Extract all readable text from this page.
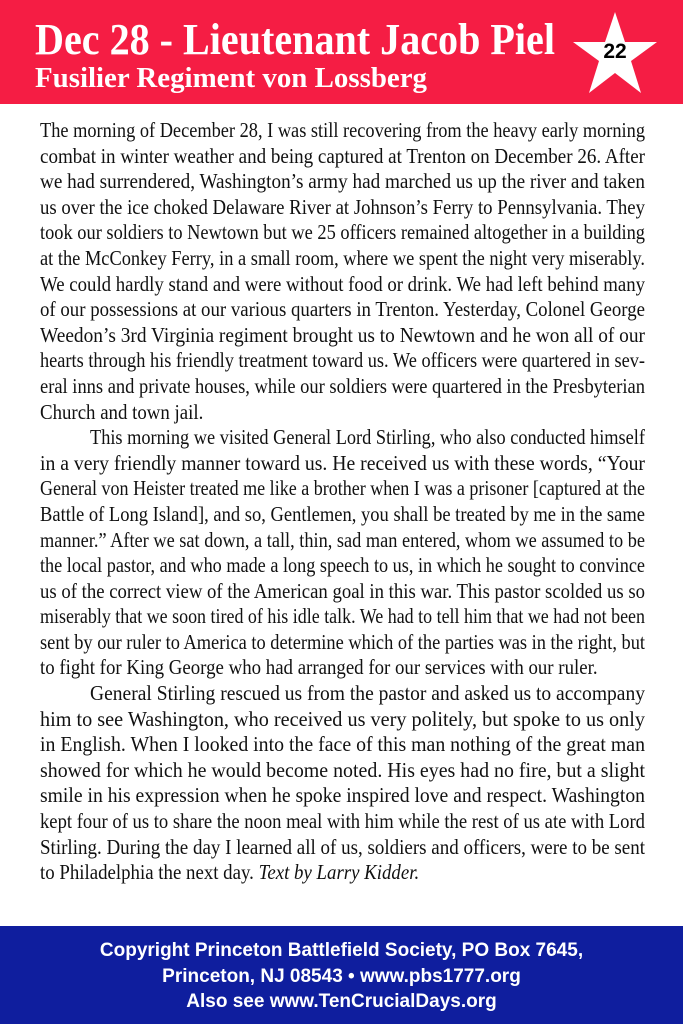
Dec 28 - Lieutenant Jacob Piel
Fusilier Regiment von Lossberg
22
The morning of December 28, I was still recovering from the heavy early morning
combat in winter weather and being captured at Trenton on December 26. After
we had surrendered, Washington’s army had marched us up the river and taken
us over the ice choked Delaware River at Johnson’s Ferry to Pennsylvania. They
took our soldiers to Newtown but we 25 officers remained altogether in a building
at the McConkey Ferry, in a small room, where we spent the night very miserably.
We could hardly stand and were without food or drink. We had left behind many
of our possessions at our various quarters in Trenton. Yesterday, Colonel George
Weedon’s 3rd Virginia regiment brought us to Newtown and he won all of our
hearts through his friendly treatment toward us. We officers were quartered in sev-
eral inns and private houses, while our soldiers were quartered in the Presbyterian
Church and town jail.
This morning we visited General Lord Stirling, who also conducted himself
in a very friendly manner toward us. He received us with these words, “Your
General von Heister treated me like a brother when I was a prisoner [captured at the
Battle of Long Island], and so, Gentlemen, you shall be treated by me in the same
manner.” After we sat down, a tall, thin, sad man entered, whom we assumed to be
the local pastor, and who made a long speech to us, in which he sought to convince
us of the correct view of the American goal in this war. This pastor scolded us so
miserably that we soon tired of his idle talk. We had to tell him that we had not been
sent by our ruler to America to determine which of the parties was in the right, but
to fight for King George who had arranged for our services with our ruler.
General Stirling rescued us from the pastor and asked us to accompany
him to see Washington, who received us very politely, but spoke to us only
in English. When I looked into the face of this man nothing of the great man
showed for which he would become noted. His eyes had no fire, but a slight
smile in his expression when he spoke inspired love and respect. Washington
kept four of us to share the noon meal with him while the rest of us ate with Lord
Stirling. During the day I learned all of us, soldiers and officers, were to be sent
to Philadelphia the next day. Text by Larry Kidder.
Copyright Princeton Battlefield Society, PO Box 7645,
Princeton, NJ 08543 • www.pbs1777.org
Also see www.TenCrucialDays.org
